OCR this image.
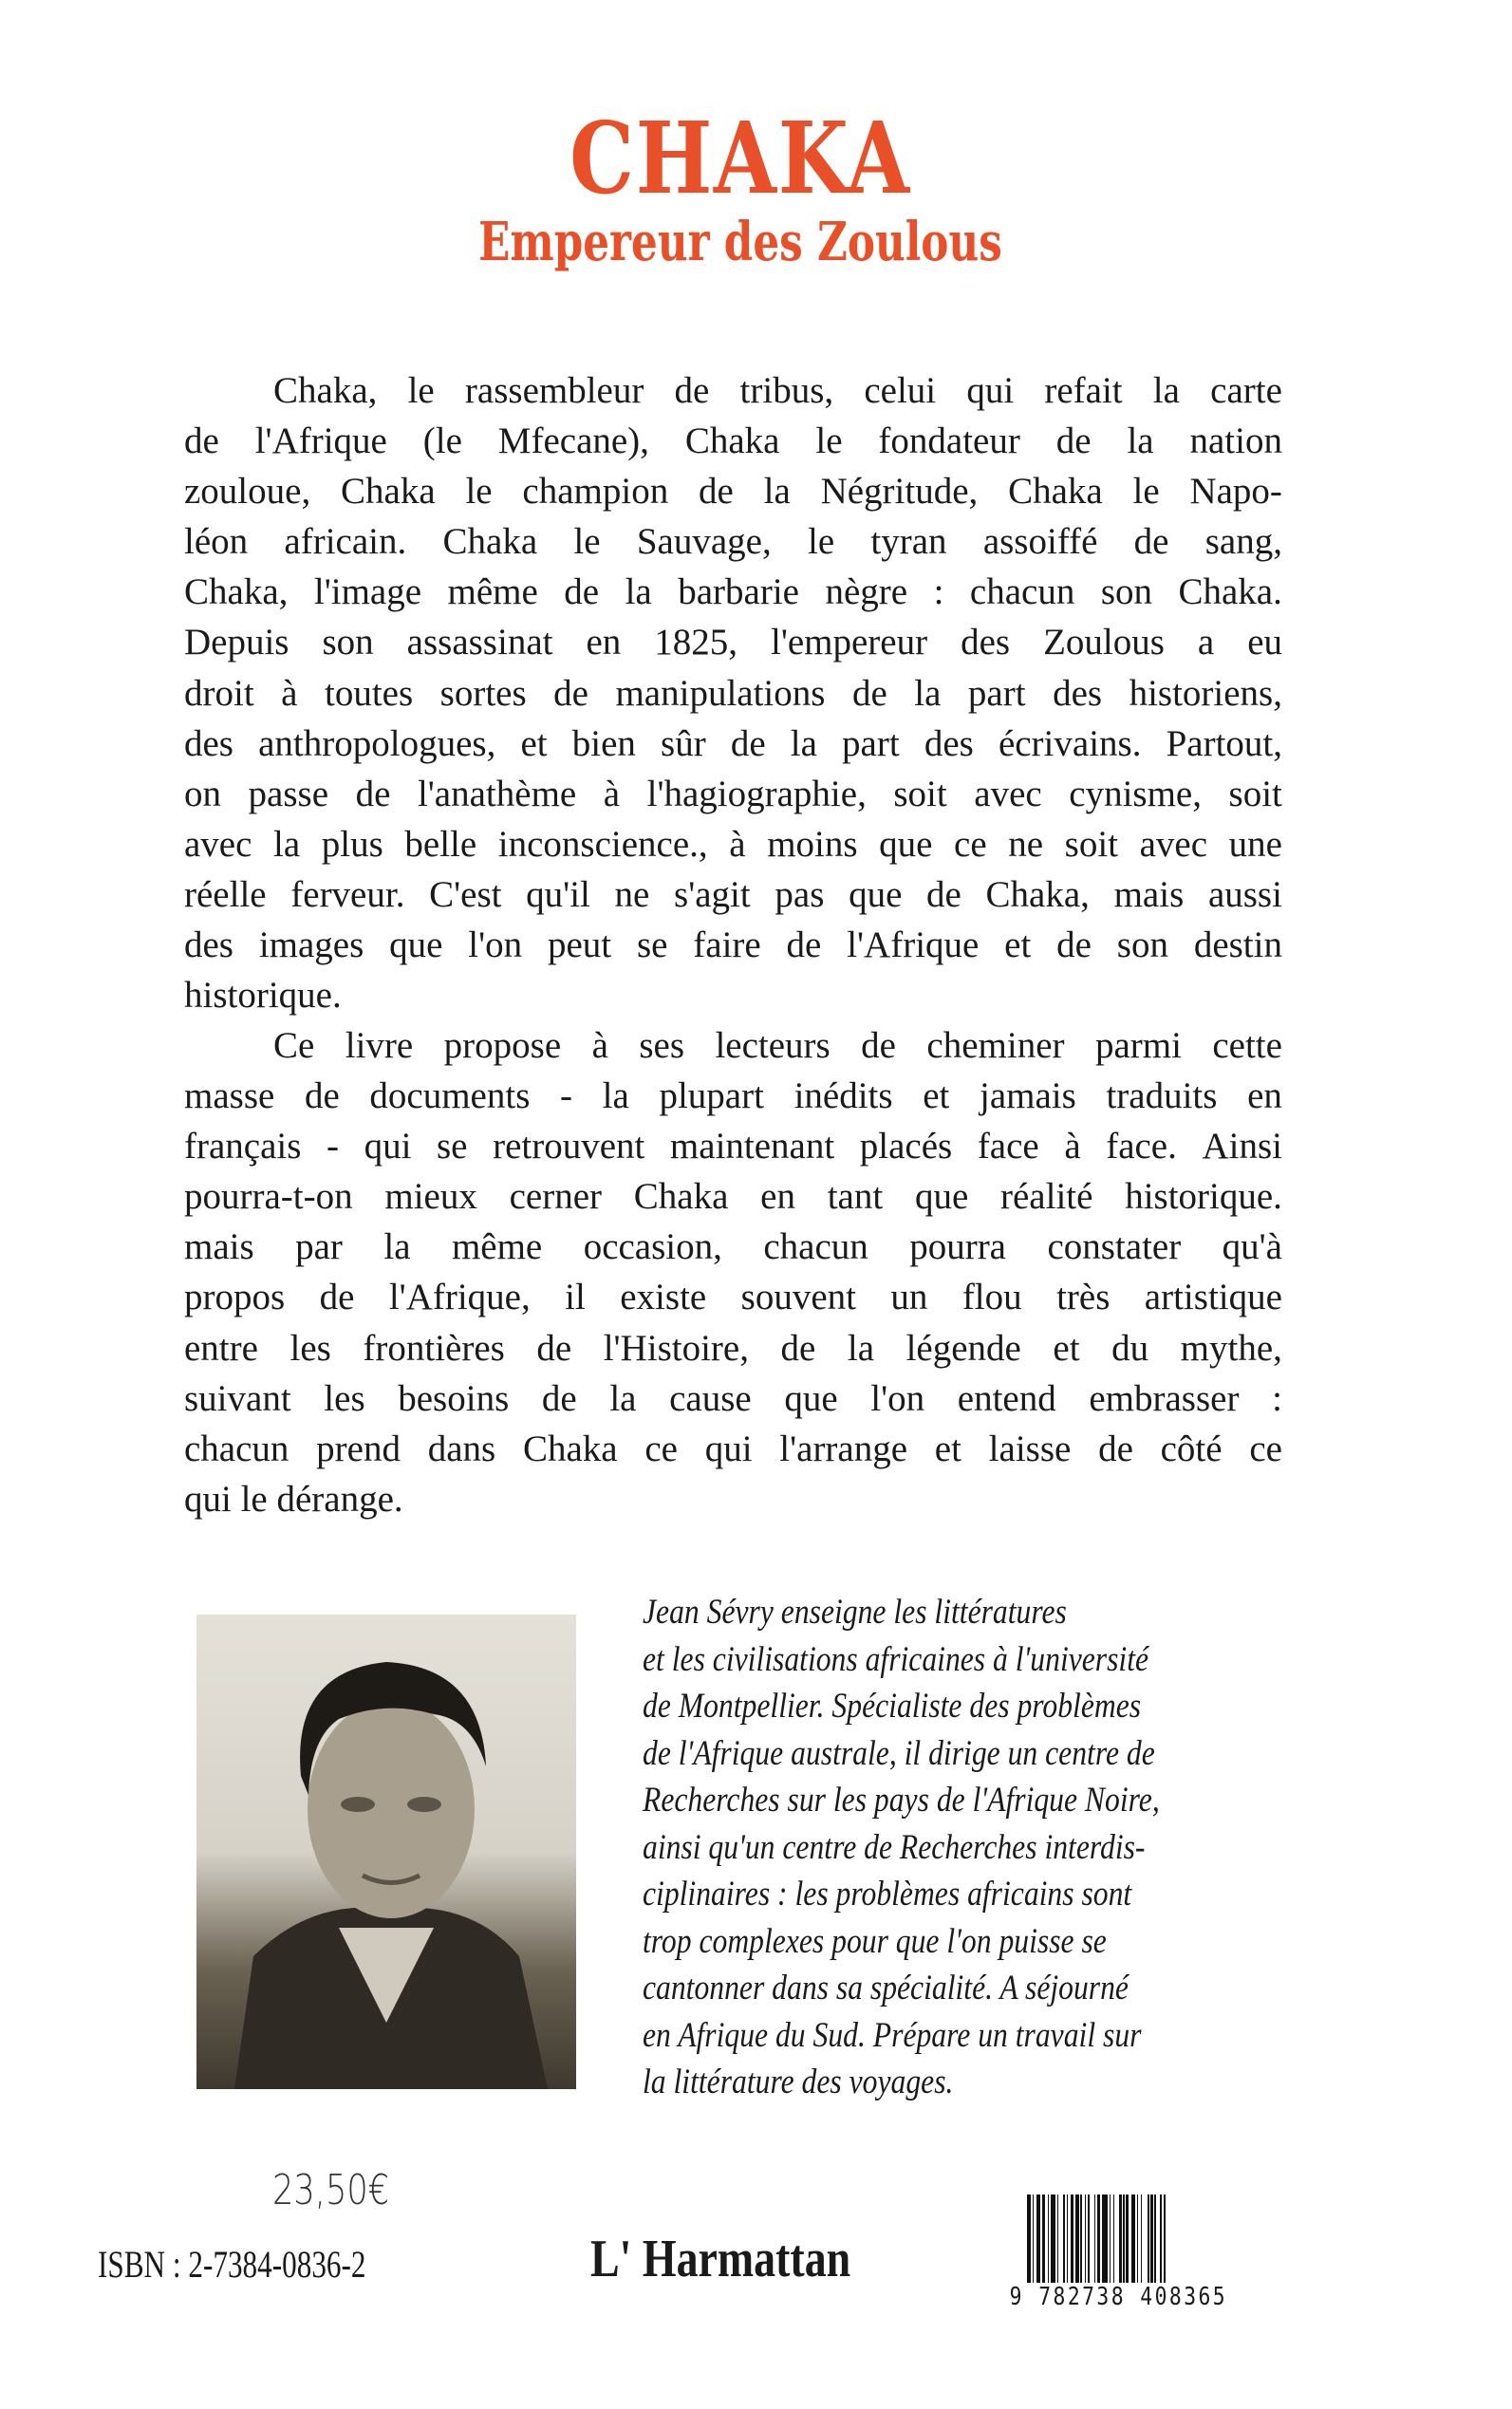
CHAKA
Empereur des Zoulous
Chaka, le rassembleur de tribus, celui qui refait la carte
de l'Afrique (le Mfecane), Chaka le fondateur de la nation
zouloue, Chaka le champion de la Négritude, Chaka le Napo-
léon africain. Chaka le Sauvage, le tyran assoiffé de sang,
Chaka, l'image même de la barbarie nègre : chacun son Chaka.
Depuis son assassinat en 1825, l'empereur des Zoulous a eu
droit à toutes sortes de manipulations de la part des historiens,
des anthropologues, et bien sûr de la part des écrivains. Partout,
on passe de l'anathème à l'hagiographie, soit avec cynisme, soit
avec la plus belle inconscience., à moins que ce ne soit avec une
réelle ferveur. C'est qu'il ne s'agit pas que de Chaka, mais aussi
des images que l'on peut se faire de l'Afrique et de son destin
historique.
Ce livre propose à ses lecteurs de cheminer parmi cette
masse de documents - la plupart inédits et jamais traduits en
français - qui se retrouvent maintenant placés face à face. Ainsi
pourra-t-on mieux cerner Chaka en tant que réalité historique.
mais par la même occasion, chacun pourra constater qu'à
propos de l'Afrique, il existe souvent un flou très artistique
entre les frontières de l'Histoire, de la légende et du mythe,
suivant les besoins de la cause que l'on entend embrasser :
chacun prend dans Chaka ce qui l'arrange et laisse de côté ce
qui le dérange.
Jean Sévry enseigne les littératures
et les civilisations africaines à l'université
de Montpellier. Spécialiste des problèmes
de l'Afrique australe, il dirige un centre de
Recherches sur les pays de l'Afrique Noire,
ainsi qu'un centre de Recherches interdis-
ciplinaires : les problèmes africains sont
trop complexes pour que l'on puisse se
cantonner dans sa spécialité. A séjourné
en Afrique du Sud. Prépare un travail sur
la littérature des voyages.
23,50€
ISBN : 2-7384-0836-2	L' Harmattan
9 782738 408365
